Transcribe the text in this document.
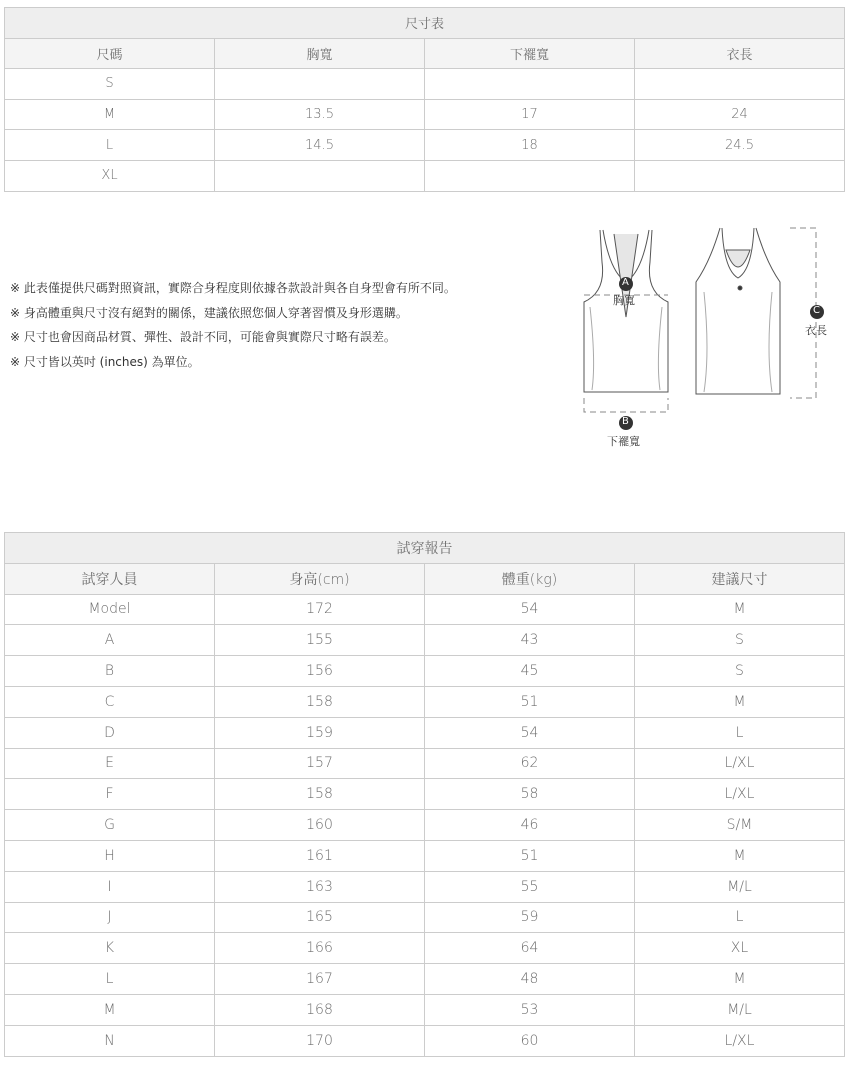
尺寸表			
尺碼	胸寬	下襬寬	衣長
S			
M	13.5	17	24
L	14.5	18	24.5
XL			
※ 此表僅提供尺碼對照資訊，實際合身程度則依據各款設計與各自身型會有所不同。
※ 身高體重與尺寸沒有絕對的關係，建議依照您個人穿著習慣及身形選購。
※ 尺寸也會因商品材質、彈性、設計不同，可能會與實際尺寸略有誤差。
※ 尺寸皆以英吋 (inches) 為單位。
A
胸寬
B
下襬寬
C
衣長
試穿報告			
試穿人員	身高(cm)	體重(kg)	建議尺寸
Model	172	54	M
A	155	43	S
B	156	45	S
C	158	51	M
D	159	54	L
E	157	62	L/XL
F	158	58	L/XL
G	160	46	S/M
H	161	51	M
I	163	55	M/L
J	165	59	L
K	166	64	XL
L	167	48	M
M	168	53	M/L
N	170	60	L/XL
